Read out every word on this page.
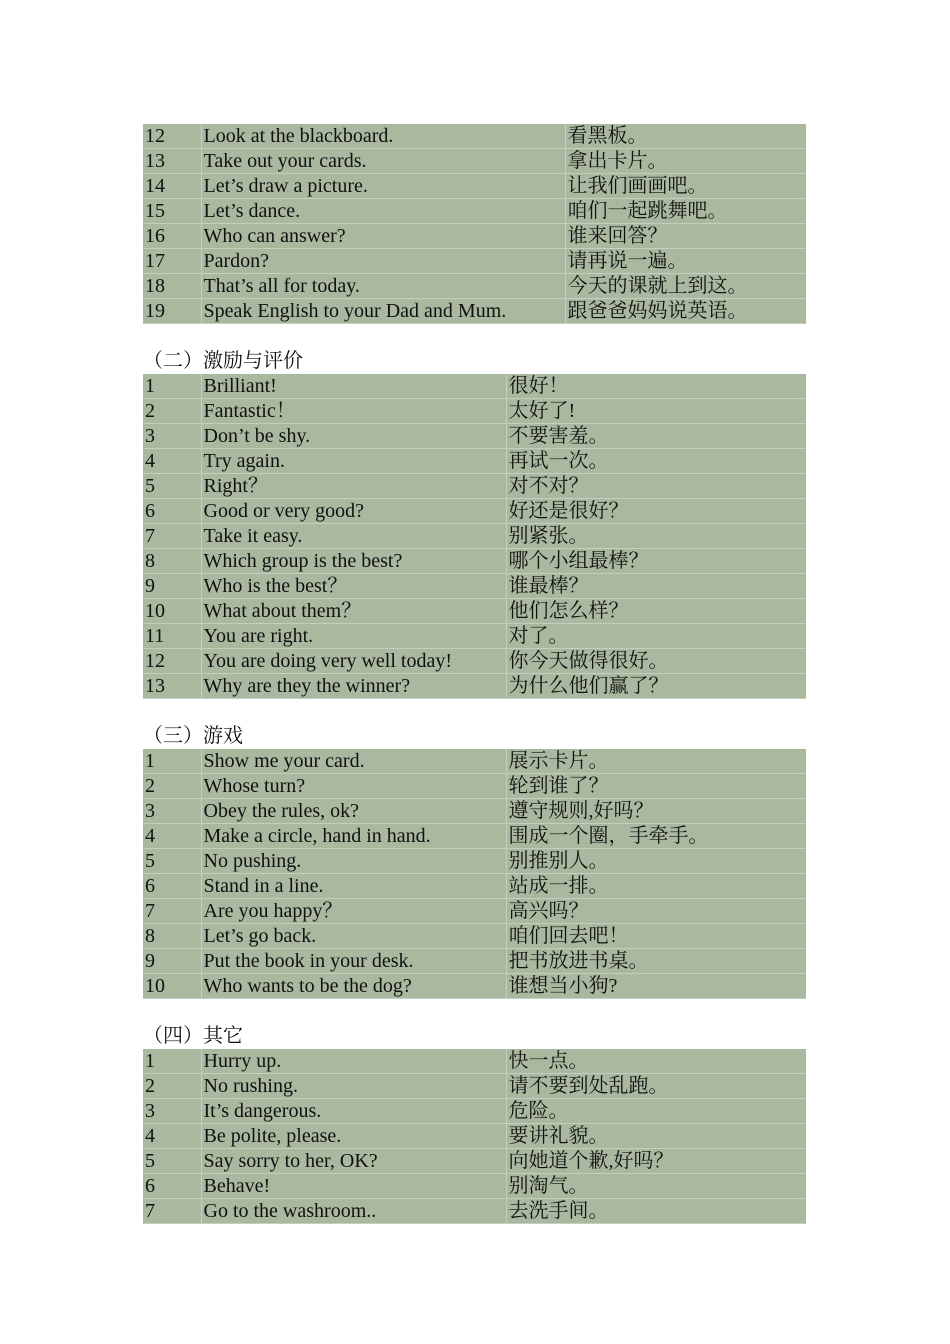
12	Look at the blackboard.	看黑板。
13	Take out your cards.	拿出卡片。
14	Let’s draw a picture.	让我们画画吧。
15	Let’s dance.	咱们一起跳舞吧。
16	Who can answer?	谁来回答？
17	Pardon?	请再说一遍。
18	That’s all for today.	今天的课就上到这。
19	Speak English to your Dad and Mum.	跟爸爸妈妈说英语。
（二）激励与评价
1	Brilliant!	很好！
2	Fantastic！	太好了!
3	Don’t be shy.	不要害羞。
4	Try again.	再试一次。
5	Right？	对不对？
6	Good or very good?	好还是很好？
7	Take it easy.	别紧张。
8	Which group is the best?	哪个小组最棒？
9	Who is the best？	谁最棒？
10	What about them？	他们怎么样？
11	You are right.	对了。
12	You are doing very well today!	你今天做得很好。
13	Why are they the winner?	为什么他们赢了？
（三）游戏
1	Show me your card.	展示卡片。
2	Whose turn?	轮到谁了？
3	Obey the rules, ok?	遵守规则,好吗？
4	Make a circle, hand in hand.	围成一个圈，手牵手。
5	No pushing.	别推别人。
6	Stand in a line.	站成一排。
7	Are you happy？	高兴吗？
8	Let’s go back.	咱们回去吧！
9	Put the book in your desk.	把书放进书桌。
10	Who wants to be the dog?	谁想当小狗?
（四）其它
1	Hurry up.	快一点。
2	No rushing.	请不要到处乱跑。
3	It’s dangerous.	危险。
4	Be polite, please.	要讲礼貌。
5	Say sorry to her, OK?	向她道个歉,好吗？
6	Behave!	别淘气。
7	Go to the washroom..	去洗手间。
